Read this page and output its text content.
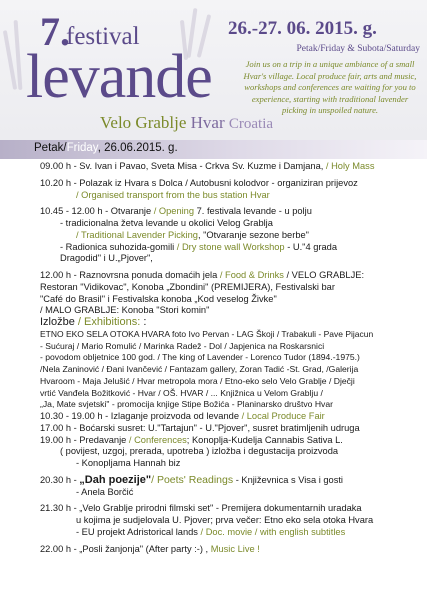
7.
festival
levande
Velo Grablje Hvar Croatia
26.-27. 06. 2015. g.
Petak/Friday & Subota/Saturday
Join us on a trip in a unique ambiance of a small Hvar's village. Local produce fair, arts and music, workshops and conferences are waiting for you to experience, starting with traditional lavender picking in unspoiled nature.
Petak/Friday, 26.06.2015. g.
09.00 h - Sv. Ivan i Pavao, Sveta Misa - Crkva Sv. Kuzme i Damjana, / Holy Mass
10.20 h - Polazak iz Hvara s Dolca / Autobusni kolodvor - organiziran prijevoz
/ Organised transport from the bus station Hvar
10.45 - 12.00 h - Otvaranje / Opening 7. festivala levande - u polju
- tradicionalna žetva levande u okolici Velog Grablja
/ Traditional Lavender Picking, "Otvaranje sezone berbe"
- Radionica suhozida-gomili / Dry stone wall Workshop - U."4 grada
Dragodid" i U.„Pjover",
12.00 h - Raznovrsna ponuda domaćih jela / Food & Drinks / VELO GRABLJE:
Restoran "Vidikovac", Konoba „Zbondini" (PREMIJERA), Festivalski bar
"Café do Brasil" i Festivalska konoba „Kod veselog Živke"
/ MALO GRABLJE: Konoba "Stori komin"
Izložbe / Exhibitions: :
ETNO EKO SELA OTOKA HVARA foto Ivo Pervan - LAG Škoji / Trabakuli - Pave Pijacun
- Sućuraj / Mario Romulić / Marinka Radež - Dol / Japjenica na Roskarsnici
- povodom obljetnice 100 god. / The king of Lavender - Lorenco Tudor (1894.-1975.)
/Nela Zaninović / Đani Ivančević / Fantazam gallery, Zoran Tadić -St. Grad, /Galerija
Hvaroom - Maja Jelušić / Hvar metropola mora / Etno-eko selo Velo Grablje / Dječji
vrtić Vanđela Božitković - Hvar / OŠ. HVAR / ... Knjižnica u Velom Grablju /
„Ja, Mate svjetski" - promocija knjige Stipe Božića - Planinarsko društvo Hvar
10.30 - 19.00 h - Izlaganje proizvoda od levande / Local Produce Fair
17.00 h - Boćarski susret: U."Tartajun" - U."Pjover", susret bratimljenih udruga
19.00 h - Predavanje / Conferences; Konoplja-Kudelja Cannabis Sativa L.
( povijest, uzgoj, prerada, upotreba ) izložba i degustacija proizvoda
- Konopljama Hannah biz
20.30 h - „Dah poezije"/ Poets' Readings - Književnica s Visa i gosti
- Anela Borčić
21.30 h - „Velo Grablje prirodni filmski set" - Premijera dokumentarnih uradaka
u kojima je sudjelovala U. Pjover; prva večer: Etno eko sela otoka Hvara
- EU projekt Adristorical lands / Doc. movie / with english subtitles
22.00 h - „Posli žanjonja" (After party :-) , Music Live !
